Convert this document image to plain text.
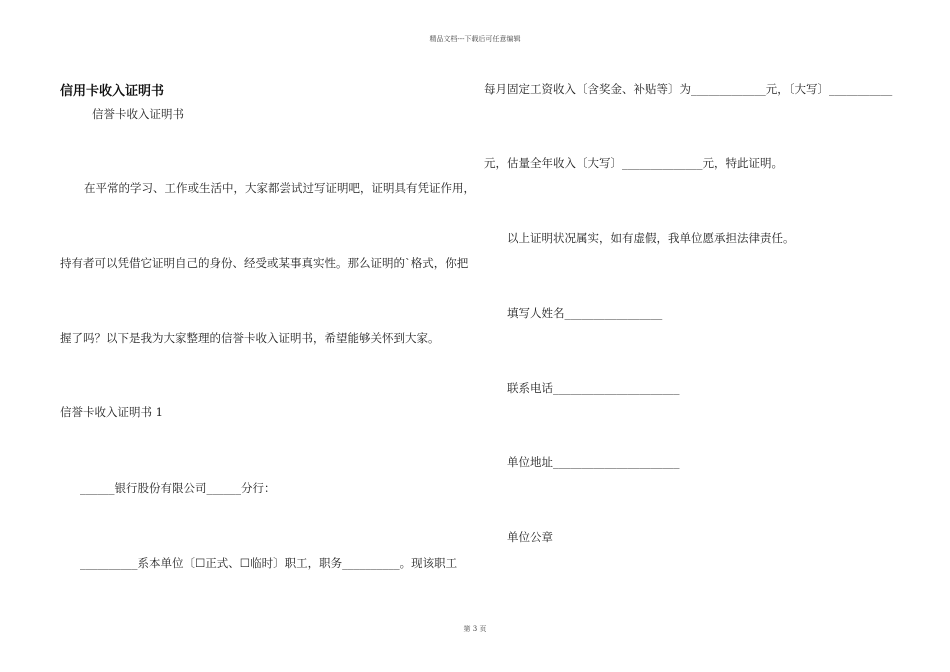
精品文档---下载后可任意编辑
信用卡收入证明书
信誉卡收入证明书
在平常的学习、工作或生活中，大家都尝试过写证明吧，证明具有凭证作用，
持有者可以凭借它证明自己的身份、经受或某事真实性。那么证明的`格式，你把
握了吗？以下是我为大家整理的信誉卡收入证明书，希望能够关怀到大家。
信誉卡收入证明书 1
______银行股份有限公司______分行：
__________系本单位〔☐正式、☐临时〕职工，职务__________。现该职工
每月固定工资收入〔含奖金、补贴等〕为_____________元，〔大写〕___________
元，估量全年收入〔大写〕______________元，特此证明。
以上证明状况属实，如有虚假，我单位愿承担法律责任。
填写人姓名_________________
联系电话______________________
单位地址______________________
单位公章
第 3 页
